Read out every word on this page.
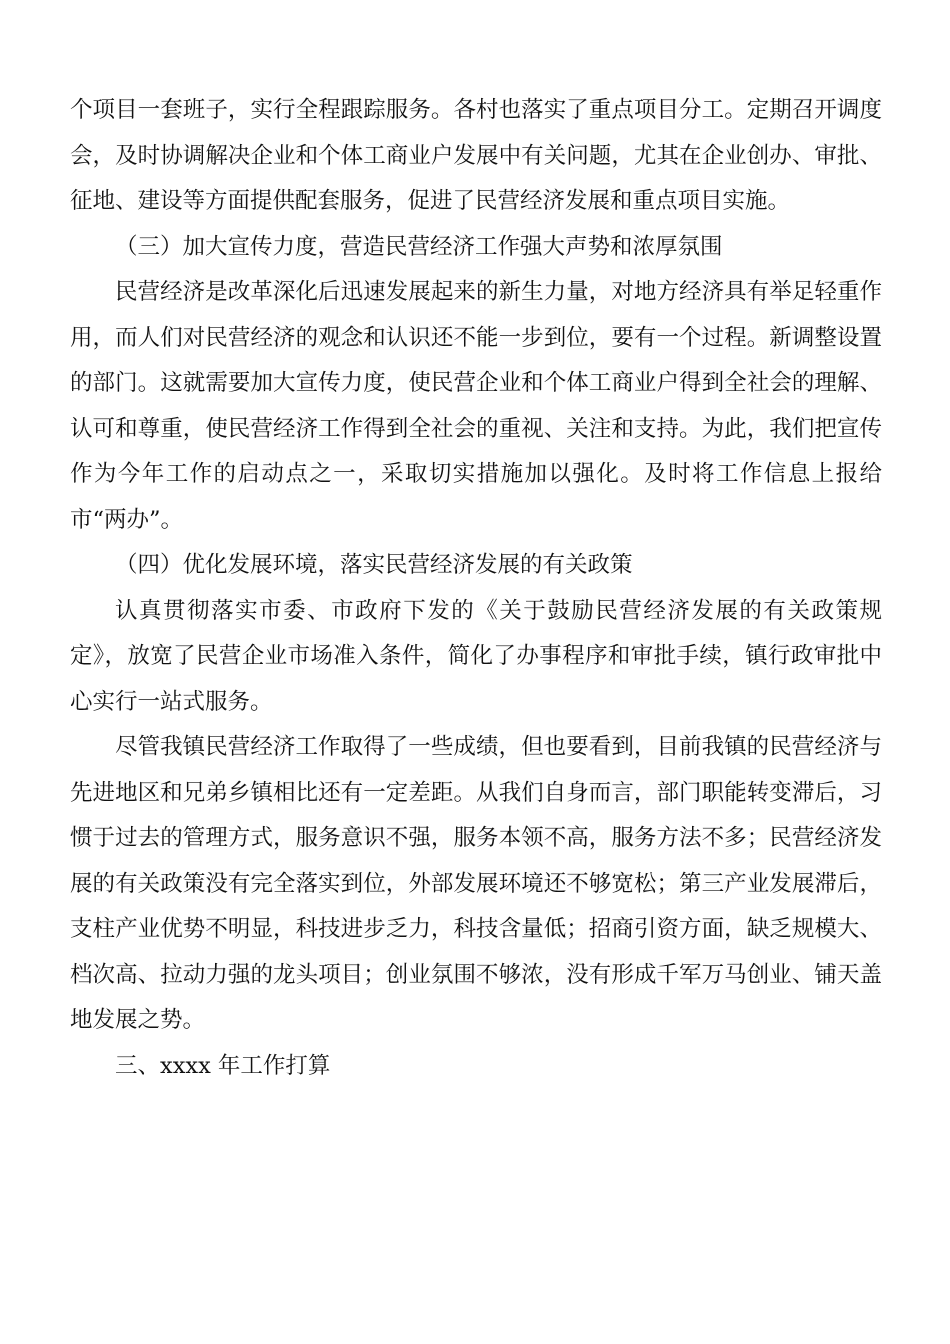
个项目一套班子，实行全程跟踪服务。各村也落实了重点项目分工。定期召开调度会，及时协调解决企业和个体工商业户发展中有关问题，尤其在企业创办、审批、征地、建设等方面提供配套服务，促进了民营经济发展和重点项目实施。

（三）加大宣传力度，营造民营经济工作强大声势和浓厚氛围

民营经济是改革深化后迅速发展起来的新生力量，对地方经济具有举足轻重作用，而人们对民营经济的观念和认识还不能一步到位，要有一个过程。新调整设置的部门。这就需要加大宣传力度，使民营企业和个体工商业户得到全社会的理解、认可和尊重，使民营经济工作得到全社会的重视、关注和支持。为此，我们把宣传作为今年工作的启动点之一，采取切实措施加以强化。及时将工作信息上报给市“两办”。

（四）优化发展环境，落实民营经济发展的有关政策

认真贯彻落实市委、市政府下发的《关于鼓励民营经济发展的有关政策规定》，放宽了民营企业市场准入条件，简化了办事程序和审批手续，镇行政审批中心实行一站式服务。

尽管我镇民营经济工作取得了一些成绩，但也要看到，目前我镇的民营经济与先进地区和兄弟乡镇相比还有一定差距。从我们自身而言，部门职能转变滞后，习惯于过去的管理方式，服务意识不强，服务本领不高，服务方法不多；民营经济发展的有关政策没有完全落实到位，外部发展环境还不够宽松；第三产业发展滞后，支柱产业优势不明显，科技进步乏力，科技含量低；招商引资方面，缺乏规模大、档次高、拉动力强的龙头项目；创业氛围不够浓，没有形成千军万马创业、铺天盖地发展之势。

三、xxxx 年工作打算
